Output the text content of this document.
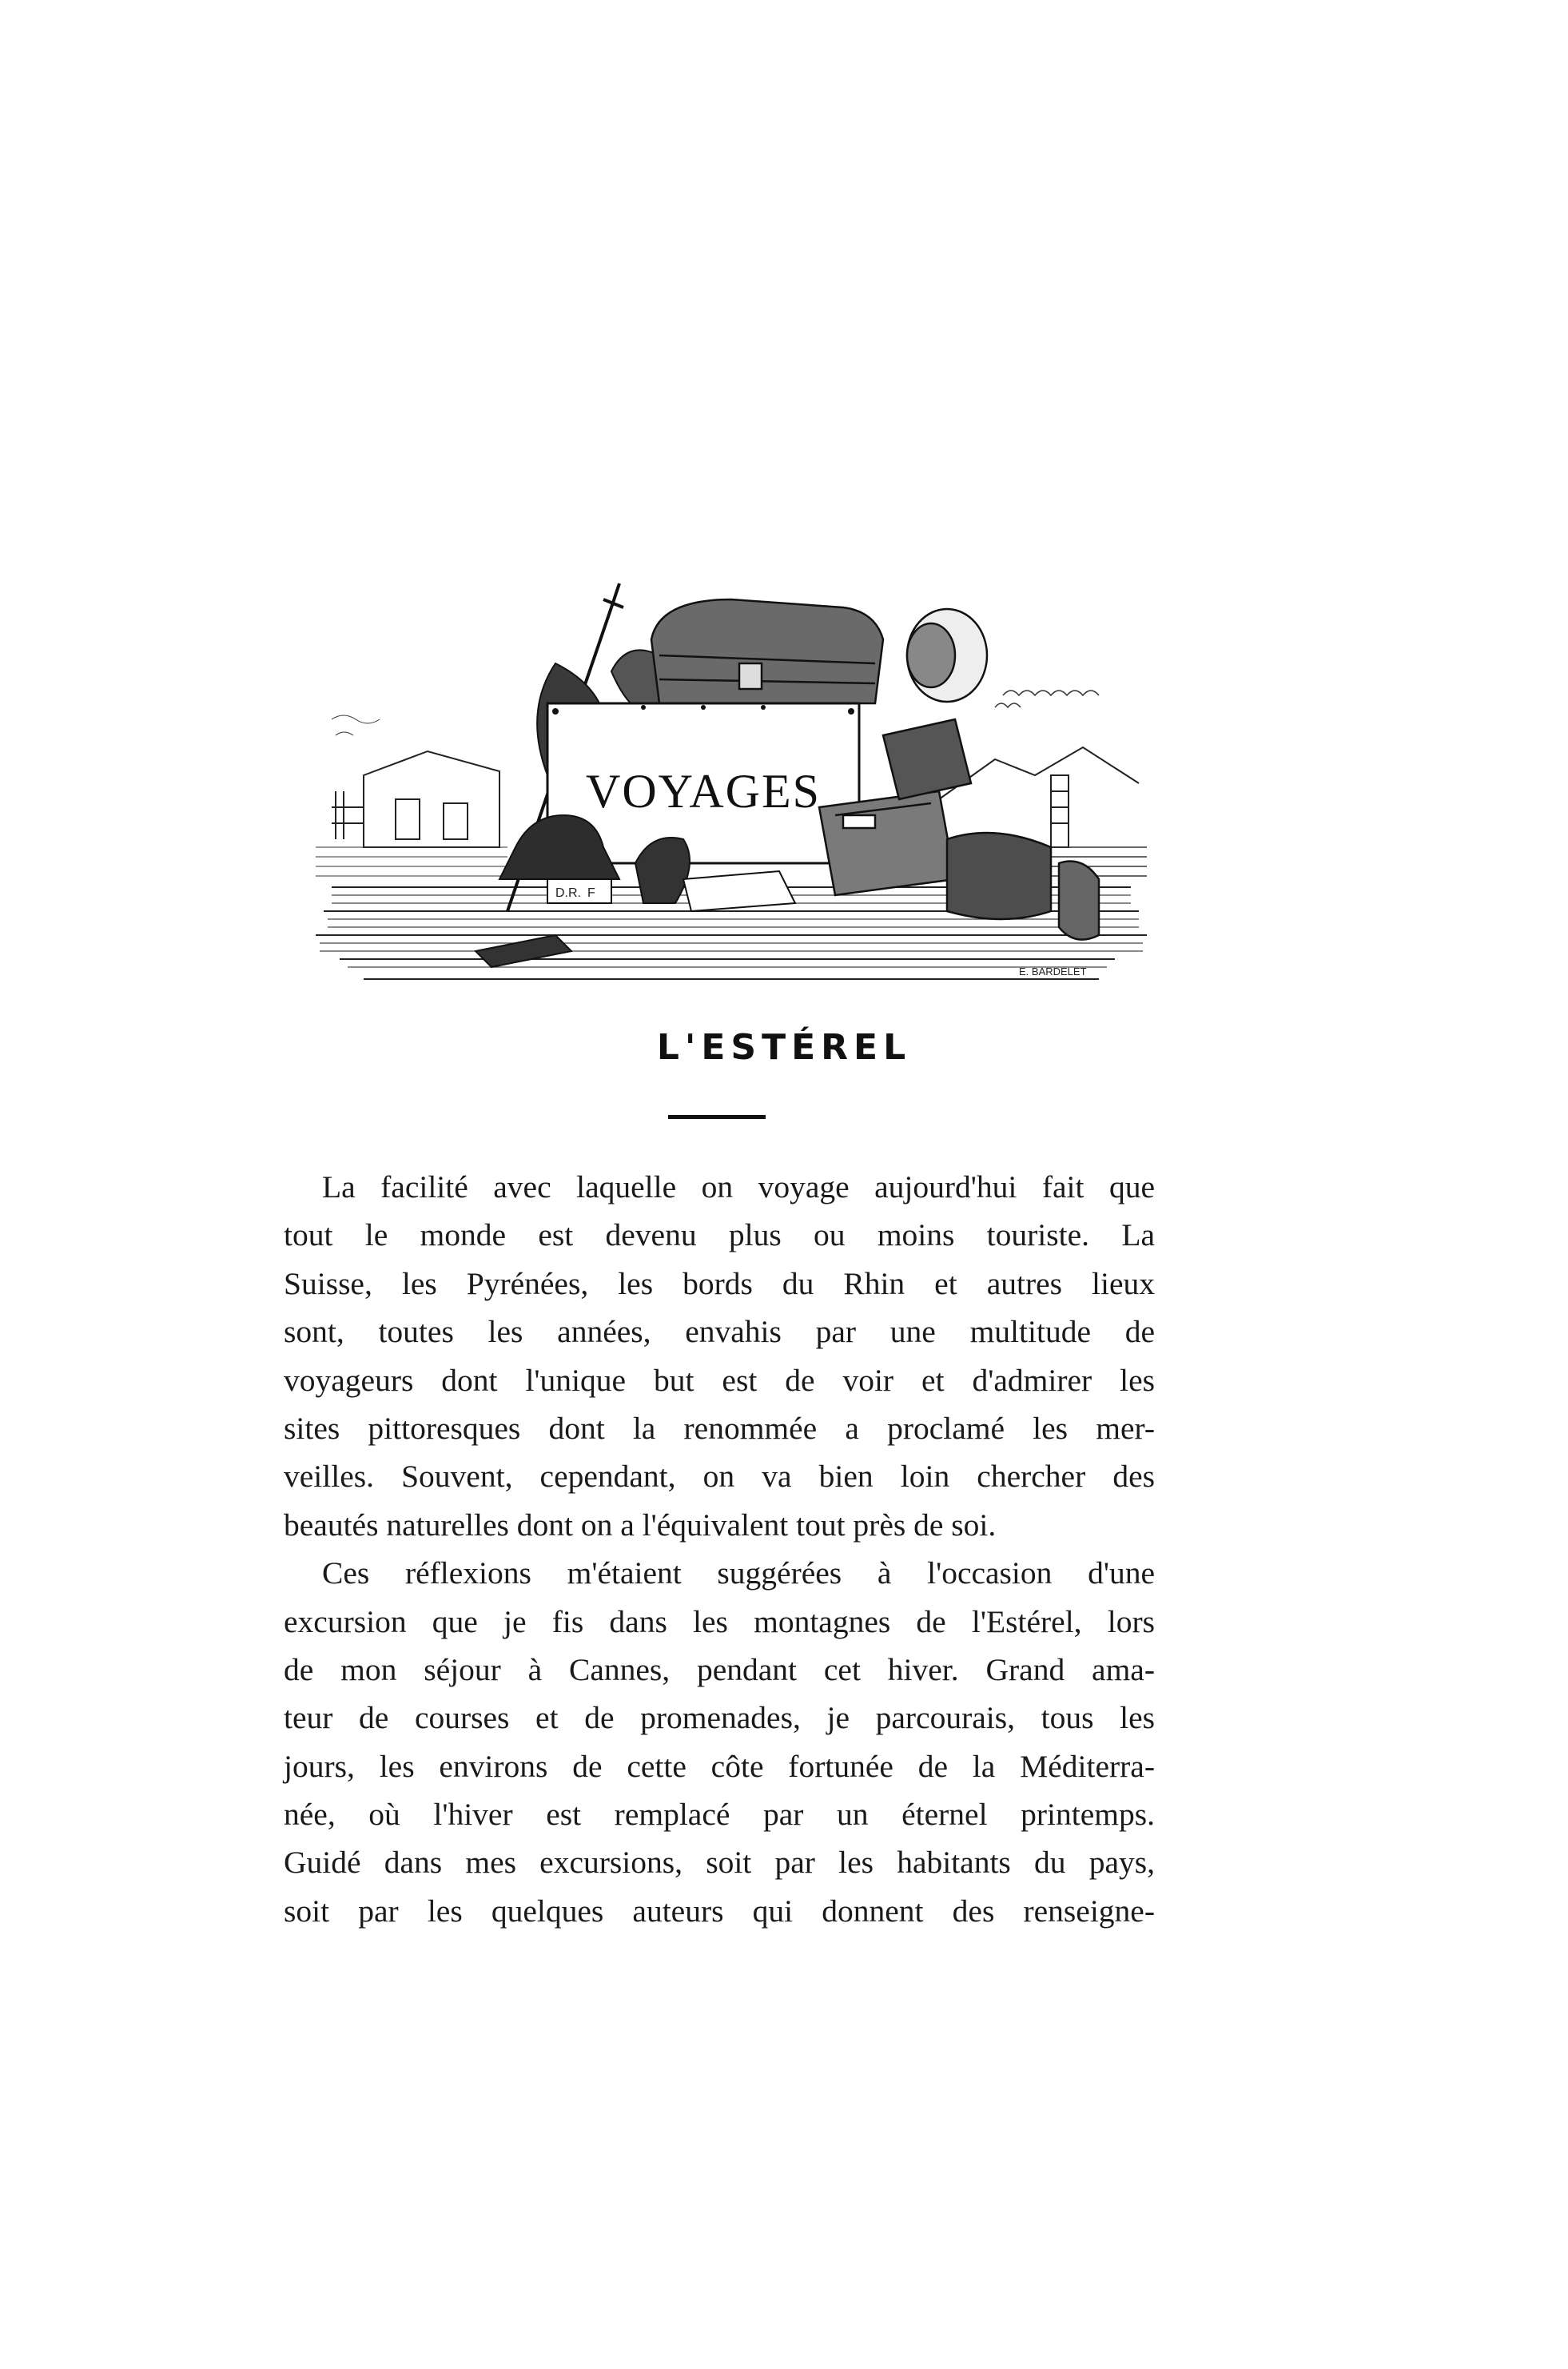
VOYAGES
D.R. F
E. BARDELET
L'ESTÉREL
La facilité avec laquelle on voyage aujourd'hui fait que
tout le monde est devenu plus ou moins touriste. La
Suisse, les Pyrénées, les bords du Rhin et autres lieux
sont, toutes les années, envahis par une multitude de
voyageurs dont l'unique but est de voir et d'admirer les
sites pittoresques dont la renommée a proclamé les mer-
veilles. Souvent, cependant, on va bien loin chercher des
beautés naturelles dont on a l'équivalent tout près de soi.
Ces réflexions m'étaient suggérées à l'occasion d'une
excursion que je fis dans les montagnes de l'Estérel, lors
de mon séjour à Cannes, pendant cet hiver. Grand ama-
teur de courses et de promenades, je parcourais, tous les
jours, les environs de cette côte fortunée de la Méditerra-
née, où l'hiver est remplacé par un éternel printemps.
Guidé dans mes excursions, soit par les habitants du pays,
soit par les quelques auteurs qui donnent des renseigne-
